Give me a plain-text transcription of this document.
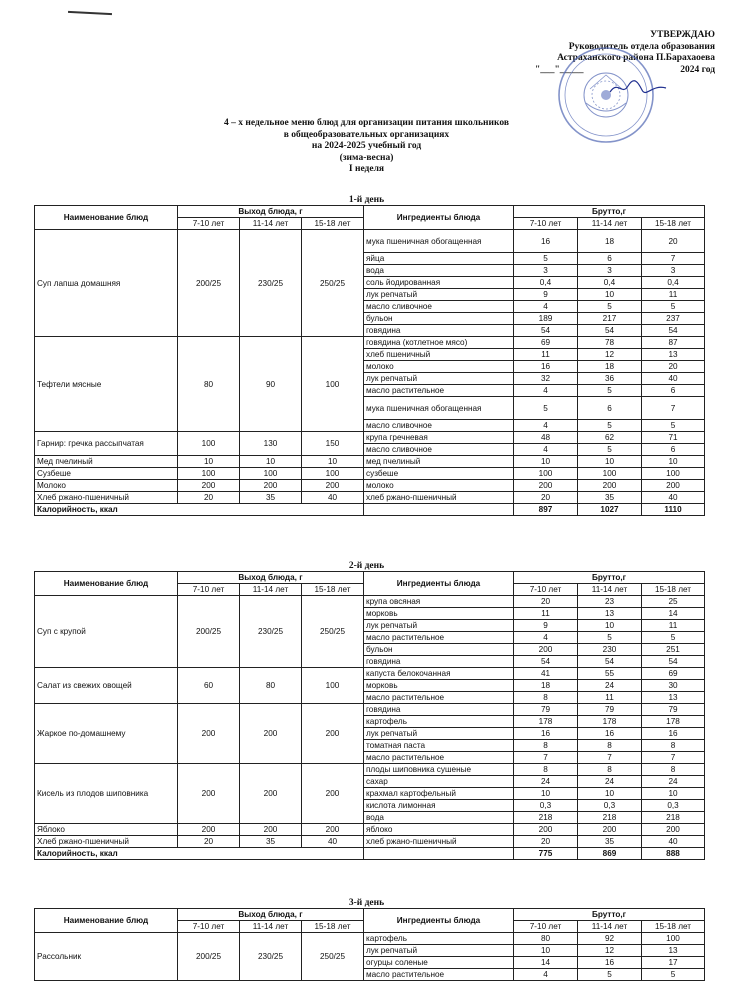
УТВЕРЖДАЮ
Руководитель отдела образования
Астраханского района П.Барахаоева
"___"_____	2024 год
4 – х недельное меню блюд для организации питания школьников
в общеобразовательных организациях
на 2024-2025 учебный год
(зима-весна)
I неделя
1-й день
Наименование блюд	Выход блюда, г			Ингредиенты блюда	Брутто,г		
	7-10 лет	11-14 лет	15-18 лет		7-10 лет	11-14 лет	15-18 лет
Суп лапша домашняя	200/25	230/25	250/25	мука пшеничная обогащенная	16	18	20
				яйца	5	6	7
				вода	3	3	3
				соль йодированная	0,4	0,4	0,4
				лук репчатый	9	10	11
				масло сливочное	4	5	5
				бульон	189	217	237
				говядина	54	54	54
Тефтели мясные	80	90	100	говядина (котлетное мясо)	69	78	87
				хлеб пшеничный	11	12	13
				молоко	16	18	20
				лук репчатый	32	36	40
				масло растительное	4	5	6
				мука пшеничная обогащенная	5	6	7
				масло сливочное	4	5	5
Гарнир: гречка рассыпчатая	100	130	150	крупа гречневая	48	62	71
				масло сливочное	4	5	6
Мед пчелиный	10	10	10	мед пчелиный	10	10	10
Сузбеше	100	100	100	сузбеше	100	100	100
Молоко	200	200	200	молоко	200	200	200
Хлеб ржано-пшеничный	20	35	40	хлеб ржано-пшеничный	20	35	40
Калорийность, ккал					897	1027	1110
2-й день
Наименование блюд	Выход блюда, г			Ингредиенты блюда	Брутто,г		
	7-10 лет	11-14 лет	15-18 лет		7-10 лет	11-14 лет	15-18 лет
Суп с крупой	200/25	230/25	250/25	крупа овсяная	20	23	25
				морковь	11	13	14
				лук репчатый	9	10	11
				масло растительное	4	5	5
				бульон	200	230	251
				говядина	54	54	54
Салат из свежих овощей	60	80	100	капуста белокочанная	41	55	69
				морковь	18	24	30
				масло растительное	8	11	13
Жаркое по-домашнему	200	200	200	говядина	79	79	79
				картофель	178	178	178
				лук репчатый	16	16	16
				томатная паста	8	8	8
				масло растительное	7	7	7
Кисель из плодов шиповника	200	200	200	плоды шиповника сушеные	8	8	8
				сахар	24	24	24
				крахмал картофельный	10	10	10
				кислота лимонная	0,3	0,3	0,3
				вода	218	218	218
Яблоко	200	200	200	яблоко	200	200	200
Хлеб ржано-пшеничный	20	35	40	хлеб ржано-пшеничный	20	35	40
Калорийность, ккал					775	869	888
3-й день
Наименование блюд	Выход блюда, г			Ингредиенты блюда	Брутто,г		
	7-10 лет	11-14 лет	15-18 лет		7-10 лет	11-14 лет	15-18 лет
Рассольник	200/25	230/25	250/25	картофель	80	92	100
				лук репчатый	10	12	13
				огурцы соленые	14	16	17
				масло растительное	4	5	5
